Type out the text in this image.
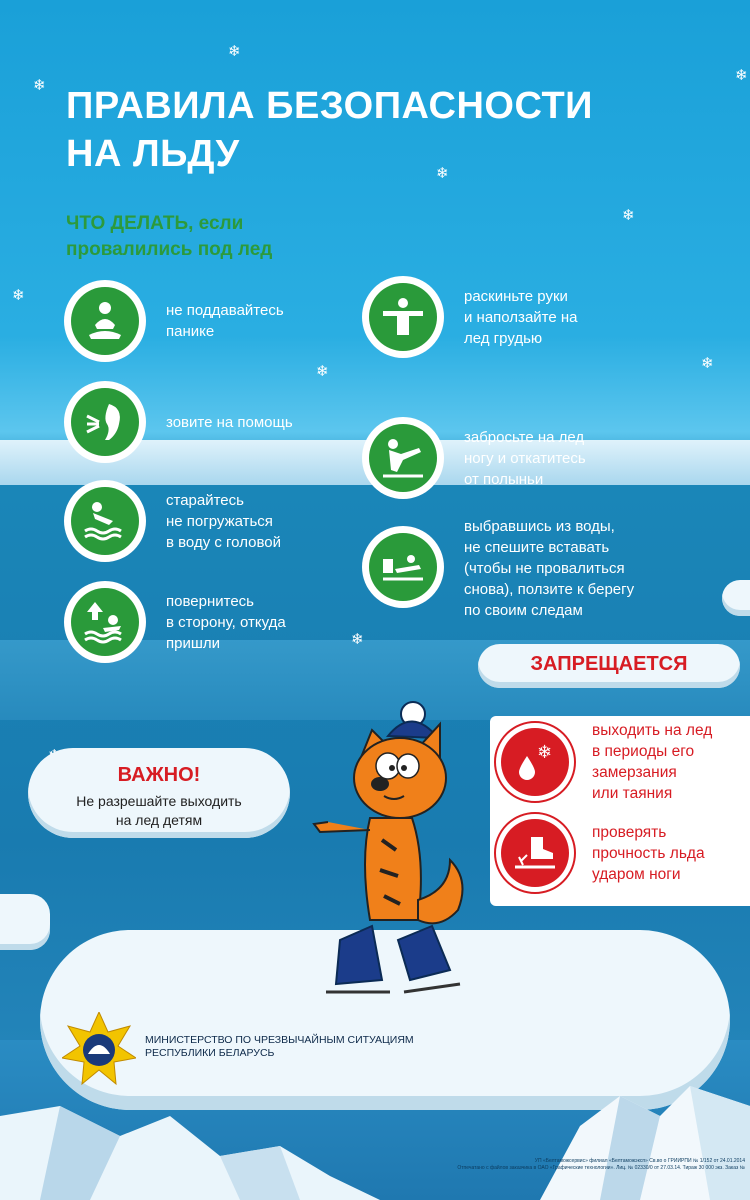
❄
❄
❄
❄
❄
❄
❄	❄
❄
ПРАВИЛА БЕЗОПАСНОСТИ
НА ЛЬДУ
ЧТО ДЕЛАТЬ, если
провалились под лед
не поддавайтесь
панике
зовите на помощь
старайтесь
не погружаться
в воду с головой
повернитесь
в сторону, откуда
пришли
раскиньте руки
и наползайте на
лед грудью
забросьте на лед
ногу и откатитесь
от полыньи
выбравшись из воды,
не спешите вставать
(чтобы не провалиться
снова), ползите к берегу
по своим следам
ЗАПРЕЩАЕТСЯ
❄
выходить на лед
в периоды его
замерзания
или таяния
проверять
прочность льда
ударом ноги
ВАЖНО!
Не разрешайте выходить
на лед детям
МИНИСТЕРСТВО ПО ЧРЕЗВЫЧАЙНЫМ СИТУАЦИЯМ
РЕСПУБЛИКИ БЕЛАРУСЬ
УП «Белтаможсервис» филиал «Белтаможэксп» Св.во о ГРИИРПИ № 1/152 от 24.01.2014
Отпечатано с файлов заказчика в ОАО «Графические технологии». Лиц. № 02330/0 от 27.03.14. Тираж 30 000 экз. Заказ №
